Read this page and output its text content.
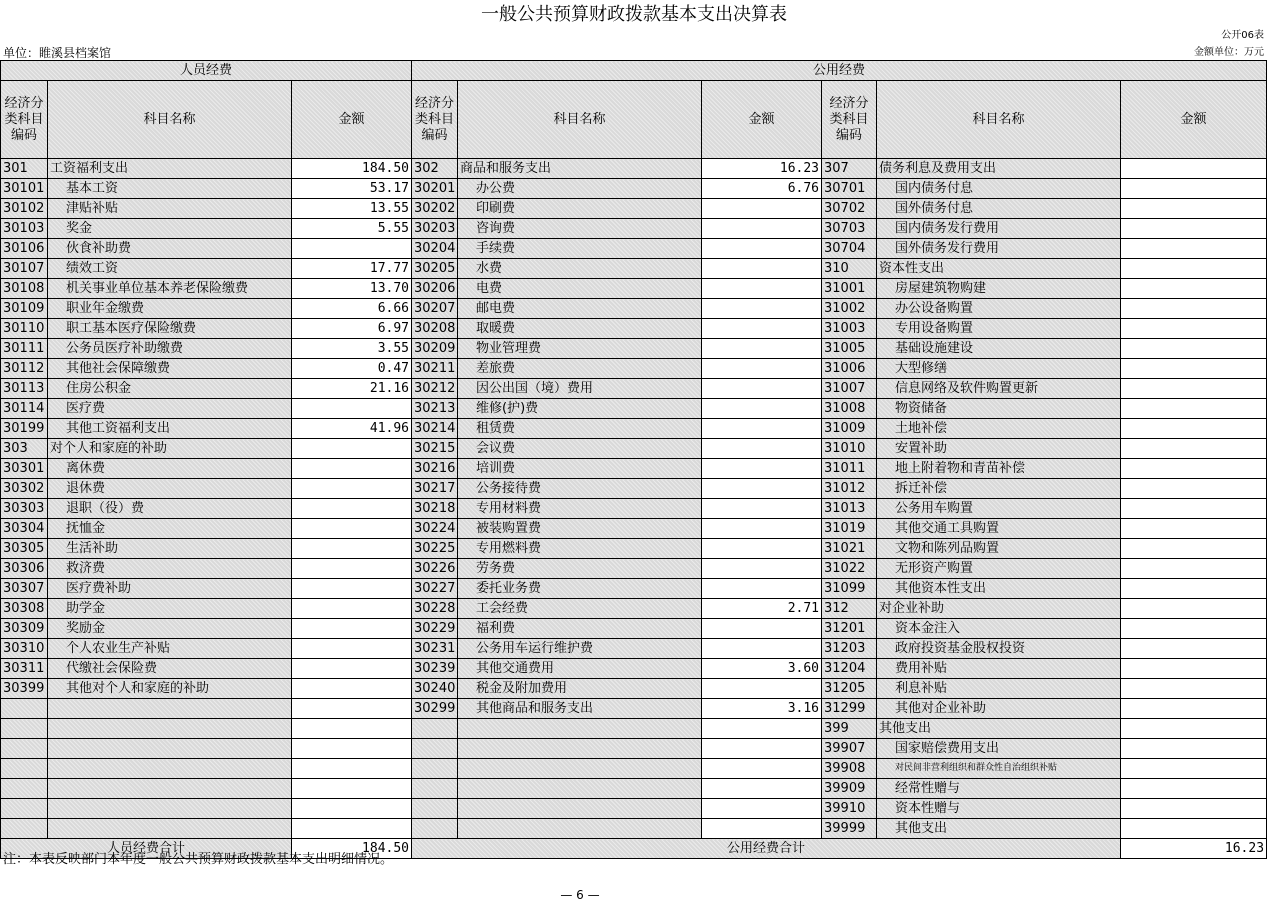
一般公共预算财政拨款基本支出决算表
公开06表
单位：睢溪县档案馆	金额单位：万元
人员经费			公用经费					
经济分类科目编码	科目名称	金额	经济分类科目编码	科目名称	金额	经济分类科目编码	科目名称	金额
301	工资福利支出	184.50	302	商品和服务支出	16.23	307	债务利息及费用支出	
30101	基本工资	53.17	30201	办公费	6.76	30701	国内债务付息	
30102	津贴补贴	13.55	30202	印刷费		30702	国外债务付息	
30103	奖金	5.55	30203	咨询费		30703	国内债务发行费用	
30106	伙食补助费		30204	手续费		30704	国外债务发行费用	
30107	绩效工资	17.77	30205	水费		310	资本性支出	
30108	机关事业单位基本养老保险缴费	13.70	30206	电费		31001	房屋建筑物购建	
30109	职业年金缴费	6.66	30207	邮电费		31002	办公设备购置	
30110	职工基本医疗保险缴费	6.97	30208	取暖费		31003	专用设备购置	
30111	公务员医疗补助缴费	3.55	30209	物业管理费		31005	基础设施建设	
30112	其他社会保障缴费	0.47	30211	差旅费		31006	大型修缮	
30113	住房公积金	21.16	30212	因公出国（境）费用		31007	信息网络及软件购置更新	
30114	医疗费		30213	维修(护)费		31008	物资储备	
30199	其他工资福利支出	41.96	30214	租赁费		31009	土地补偿	
303	对个人和家庭的补助		30215	会议费		31010	安置补助	
30301	离休费		30216	培训费		31011	地上附着物和青苗补偿	
30302	退休费		30217	公务接待费		31012	拆迁补偿	
30303	退职（役）费		30218	专用材料费		31013	公务用车购置	
30304	抚恤金		30224	被装购置费		31019	其他交通工具购置	
30305	生活补助		30225	专用燃料费		31021	文物和陈列品购置	
30306	救济费		30226	劳务费		31022	无形资产购置	
30307	医疗费补助		30227	委托业务费		31099	其他资本性支出	
30308	助学金		30228	工会经费	2.71	312	对企业补助	
30309	奖励金		30229	福利费		31201	资本金注入	
30310	个人农业生产补贴		30231	公务用车运行维护费		31203	政府投资基金股权投资	
30311	代缴社会保险费		30239	其他交通费用	3.60	31204	费用补贴	
30399	其他对个人和家庭的补助		30240	税金及附加费用		31205	利息补贴	
			30299	其他商品和服务支出	3.16	31299	其他对企业补助	
						399	其他支出	
						39907	国家赔偿费用支出	
						39908	对民间非营利组织和群众性自治组织补贴	
						39909	经常性赠与	
						39910	资本性赠与	
						39999	其他支出	
人员经费合计		184.50	公用经费合计					16.23
注：本表反映部门本年度一般公共预算财政拨款基本支出明细情况。
— 6 —
